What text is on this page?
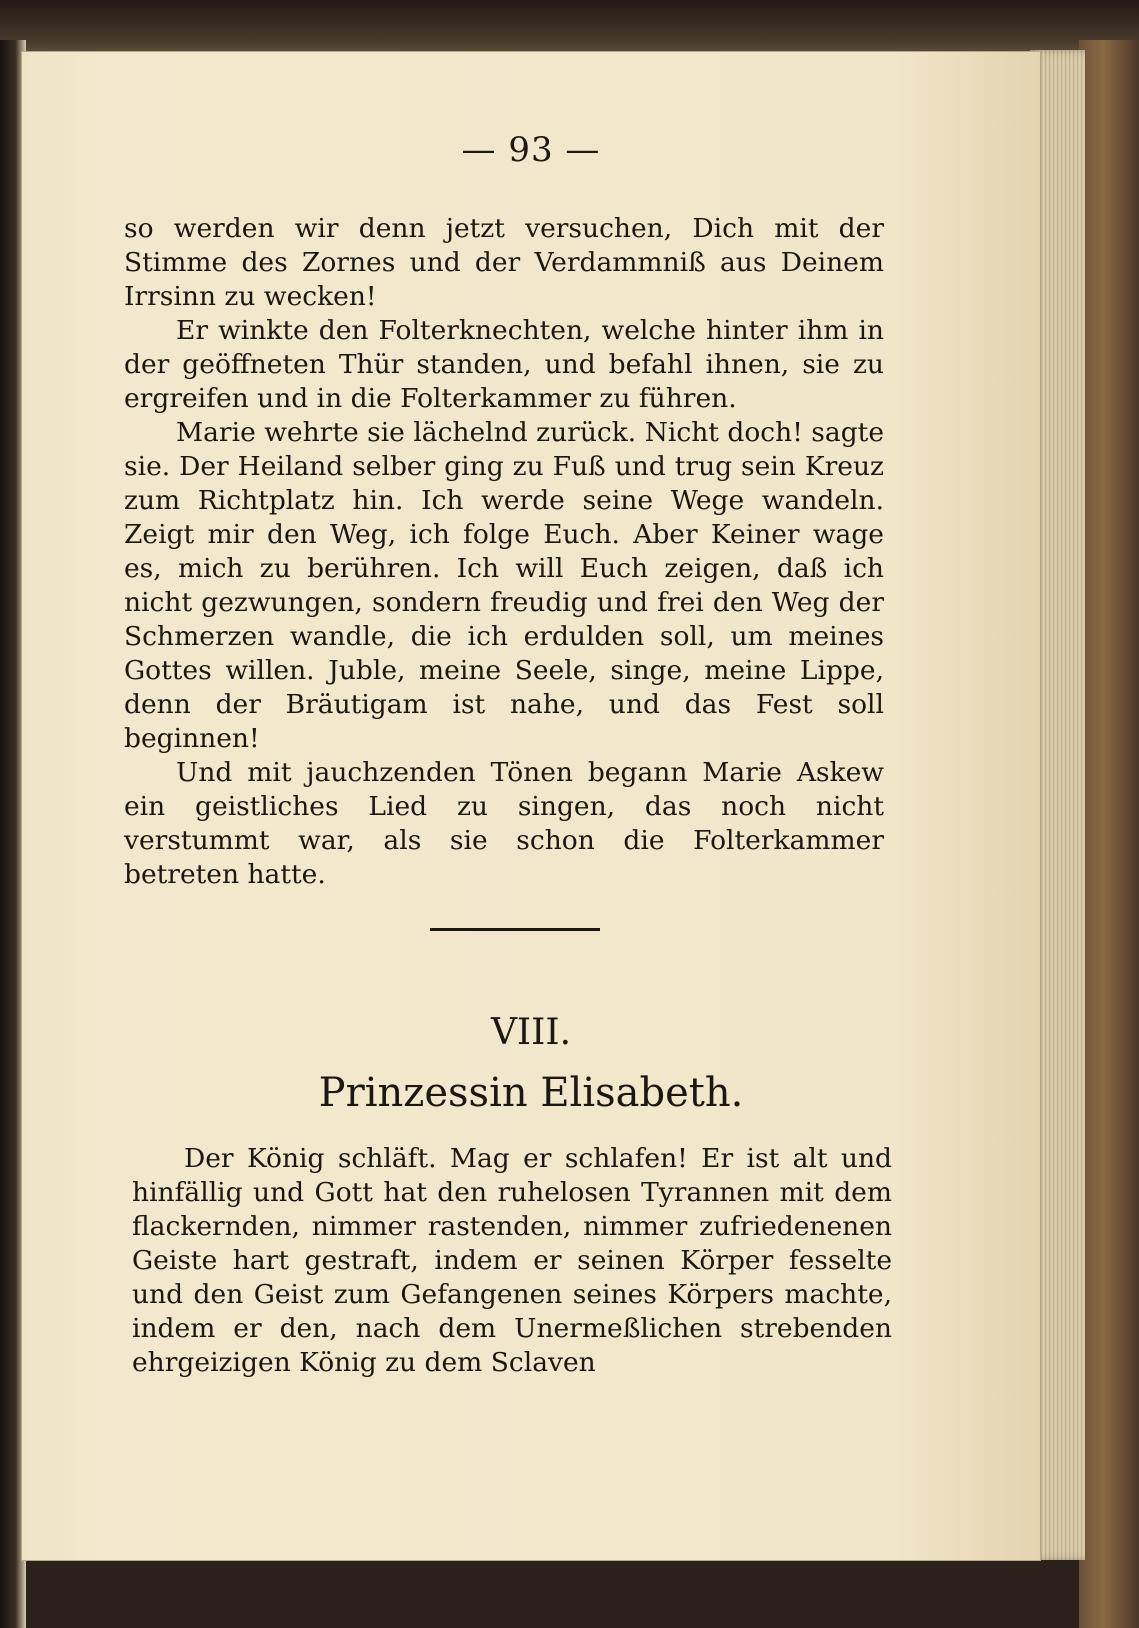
— 93 —

so werden wir denn jetzt versuchen, Dich mit der Stimme des Zornes und der Verdammniß aus Deinem Irrsinn zu wecken!

Er winkte den Folterknechten, welche hinter ihm in der geöffneten Thür standen, und befahl ihnen, sie zu ergreifen und in die Folterkammer zu führen.

Marie wehrte sie lächelnd zurück. Nicht doch! sagte sie. Der Heiland selber ging zu Fuß und trug sein Kreuz zum Richtplatz hin. Ich werde seine Wege wandeln. Zeigt mir den Weg, ich folge Euch. Aber Keiner wage es, mich zu berühren. Ich will Euch zeigen, daß ich nicht gezwungen, sondern freudig und frei den Weg der Schmerzen wandle, die ich erdulden soll, um meines Gottes willen. Juble, meine Seele, singe, meine Lippe, denn der Bräutigam ist nahe, und das Fest soll beginnen!

Und mit jauchzenden Tönen begann Marie Askew ein geistliches Lied zu singen, das noch nicht verstummt war, als sie schon die Folterkammer betreten hatte.

VIII.
Prinzessin Elisabeth.

Der König schläft. Mag er schlafen! Er ist alt und hinfällig und Gott hat den ruhelosen Tyrannen mit dem flackernden, nimmer rastenden, nimmer zufriedenenen Geiste hart gestraft, indem er seinen Körper fesselte und den Geist zum Gefangenen seines Körpers machte, indem er den, nach dem Unermeßlichen strebenden ehrgeizigen König zu dem Sclaven
